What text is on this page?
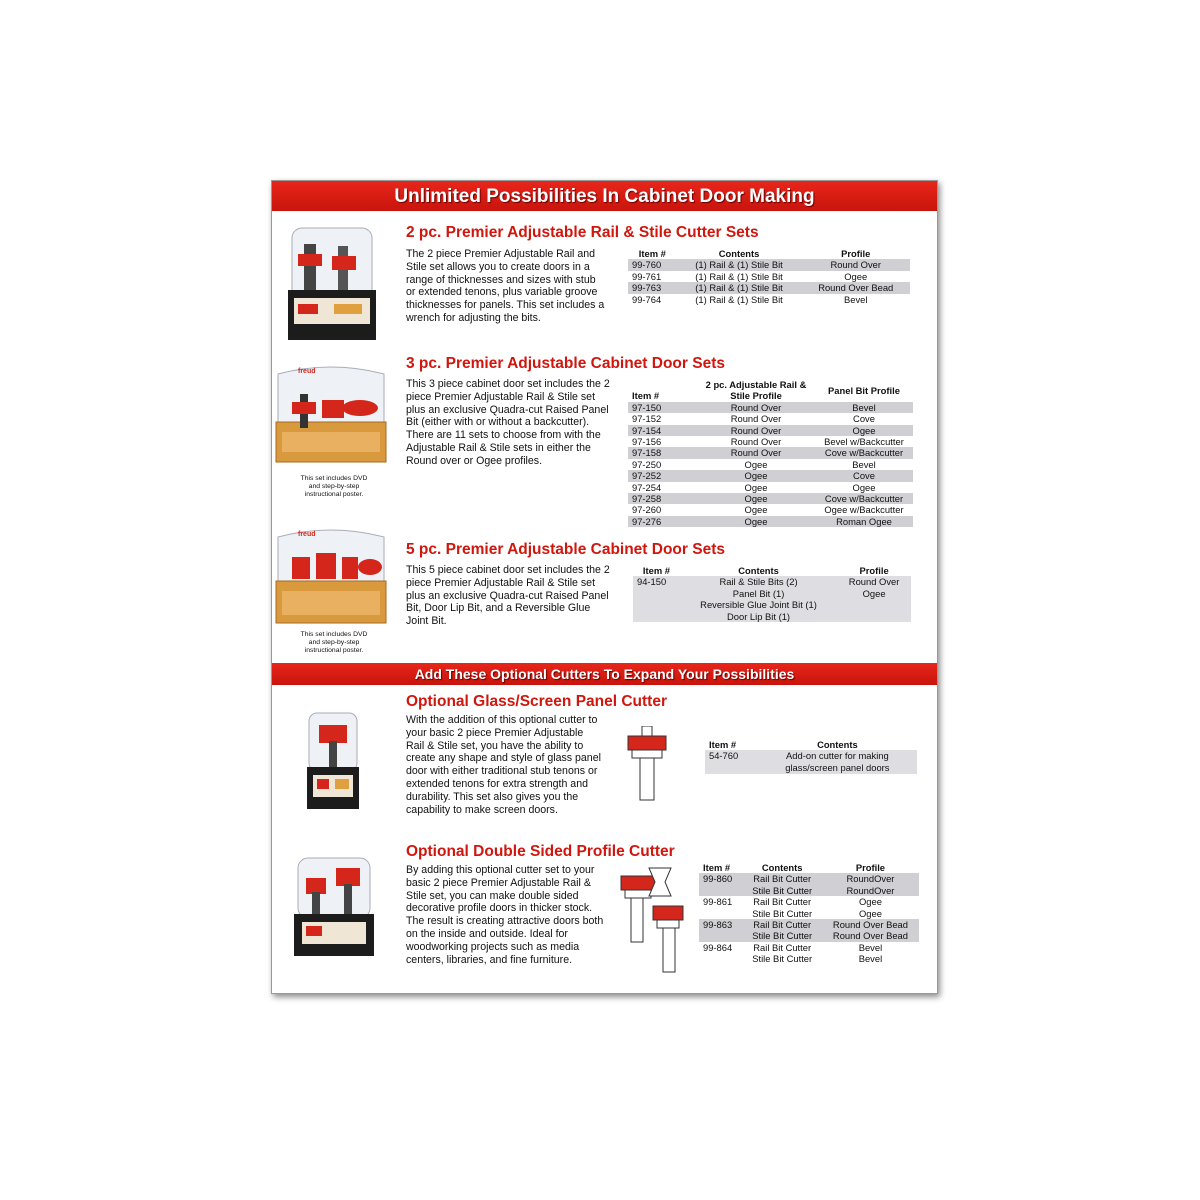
Unlimited Possibilities In Cabinet Door Making
2 pc. Premier Adjustable Rail & Stile Cutter Sets
The 2 piece Premier Adjustable Rail and Stile set allows you to create doors in a range of thicknesses and sizes with stub or extended tenons, plus variable groove thicknesses for panels. This set includes a wrench for adjusting the bits.
Item #	Contents	Profile
99-760	(1) Rail & (1) Stile Bit	Round Over
99-761	(1) Rail & (1) Stile Bit	Ogee
99-763	(1) Rail & (1) Stile Bit	Round Over Bead
99-764	(1) Rail & (1) Stile Bit	Bevel
freud
This set includes DVD and step-by-step instructional poster.
3 pc. Premier Adjustable Cabinet Door Sets
This 3 piece cabinet door set includes the 2 piece Premier Adjustable Rail & Stile set plus an exclusive Quadra-cut Raised Panel Bit (either with or without a backcutter). There are 11 sets to choose from with the Adjustable Rail & Stile sets in either the Round over or Ogee profiles.
Item #	2 pc. Adjustable Rail & Stile Profile	Panel Bit Profile
97-150	Round Over	Bevel
97-152	Round Over	Cove
97-154	Round Over	Ogee
97-156	Round Over	Bevel w/Backcutter
97-158	Round Over	Cove w/Backcutter
97-250	Ogee	Bevel
97-252	Ogee	Cove
97-254	Ogee	Ogee
97-258	Ogee	Cove w/Backcutter
97-260	Ogee	Ogee w/Backcutter
97-276	Ogee	Roman Ogee
freud
This set includes DVD and step-by-step instructional poster.
5 pc. Premier Adjustable Cabinet Door Sets
This 5 piece cabinet door set includes the 2 piece Premier Adjustable Rail & Stile set plus an exclusive Quadra-cut Raised Panel Bit, Door Lip Bit, and a Reversible Glue Joint Bit.
Item #	Contents	Profile
94-150	Rail & Stile Bits (2)	Round Over
	Panel Bit (1)	Ogee
	Reversible Glue Joint Bit (1)	
	Door Lip Bit (1)	
Add These Optional Cutters To Expand Your Possibilities
Optional Glass/Screen Panel Cutter
With the addition of this optional cutter to your basic 2 piece Premier Adjustable Rail & Stile set, you have the ability to create any shape and style of glass panel door with either traditional stub tenons or extended tenons for extra strength and durability. This set also gives you the capability to make screen doors.
Item #	Contents
54-760	Add-on cutter for making
	glass/screen panel doors
Optional Double Sided Profile Cutter
By adding this optional cutter set to your basic 2 piece Premier Adjustable Rail & Stile set, you can make double sided decorative profile doors in thicker stock. The result is creating attractive doors both on the inside and outside. Ideal for woodworking projects such as media centers, libraries, and fine furniture.
Item #	Contents	Profile
99-860	Rail Bit Cutter	RoundOver
	Stile Bit Cutter	RoundOver
99-861	Rail Bit Cutter	Ogee
	Stile Bit Cutter	Ogee
99-863	Rail Bit Cutter	Round Over Bead
	Stile Bit Cutter	Round Over Bead
99-864	Rail Bit Cutter	Bevel
	Stile Bit Cutter	Bevel
